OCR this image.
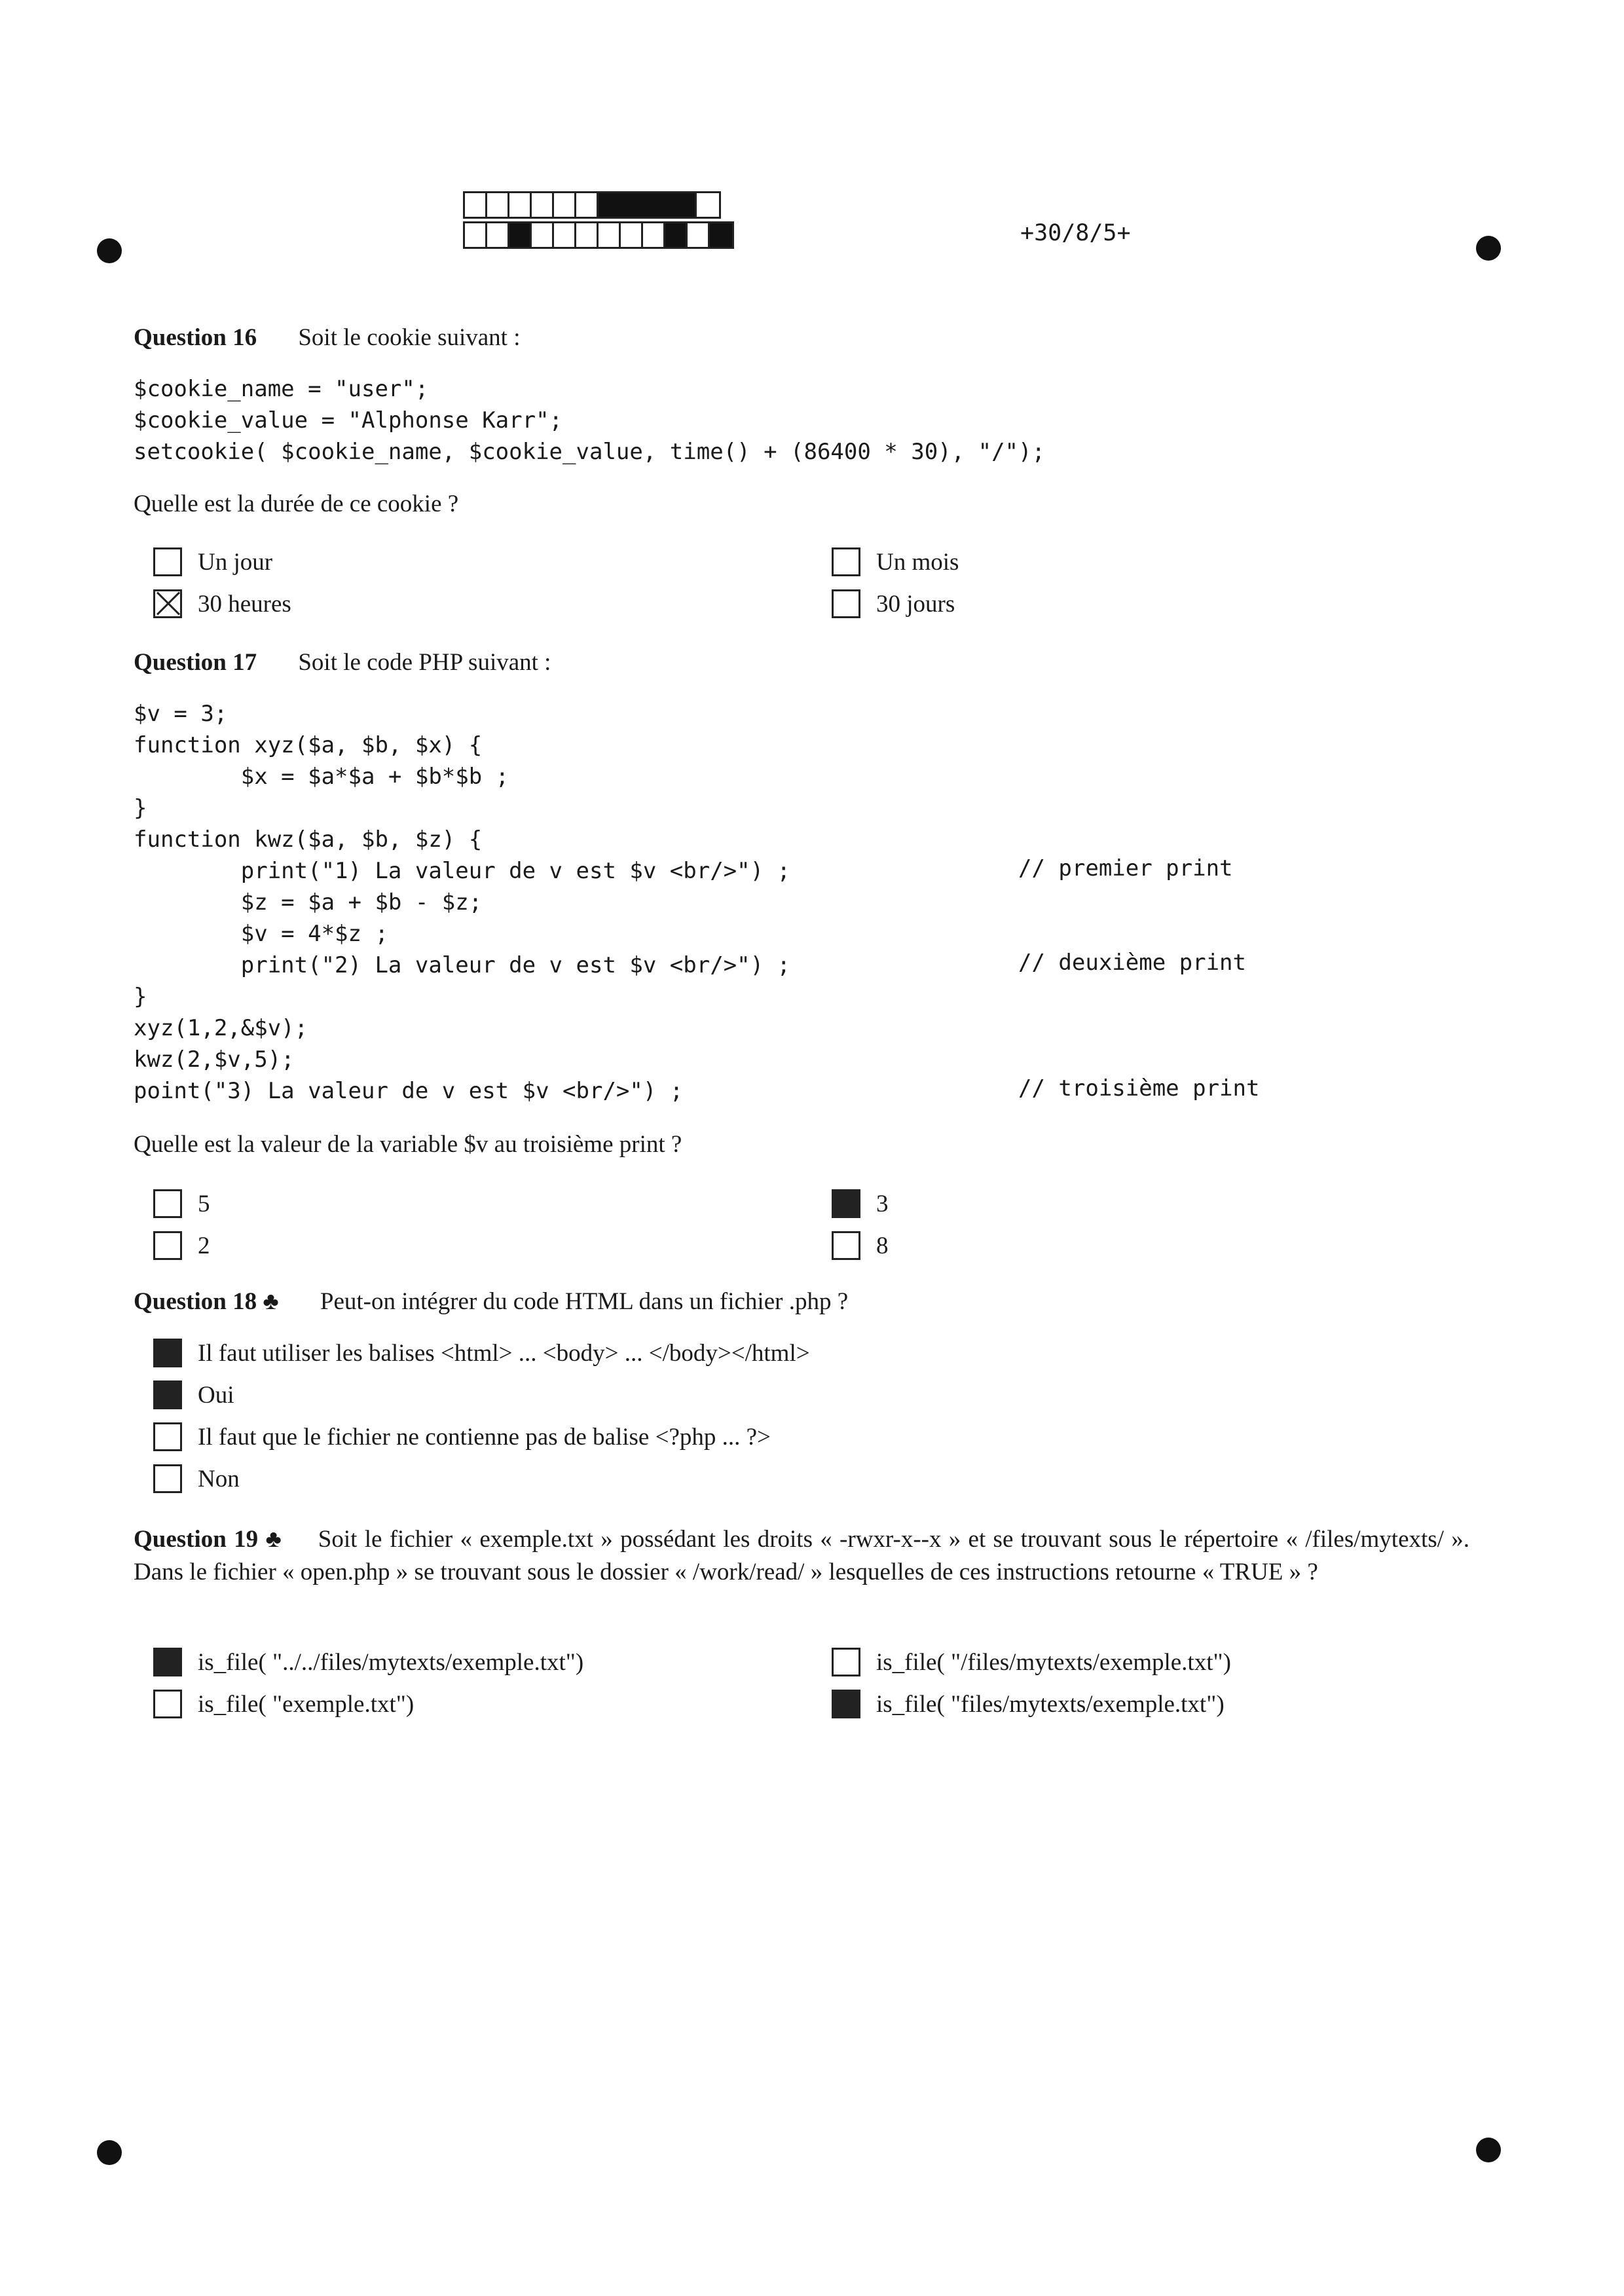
+30/8/5+
Question 16 Soit le cookie suivant :
$cookie_name = "user";
$cookie_value = "Alphonse Karr";
setcookie( $cookie_name, $cookie_value, time() + (86400 * 30), "/");
Quelle est la durée de ce cookie ?
Un jour	Un mois
30 heures	30 jours
Question 17 Soit le code PHP suivant :
$v = 3;
function xyz($a, $b, $x) {
$x = $a*$a + $b*$b ;
}
function kwz($a, $b, $z) {
print("1) La valeur de v est $v <br/>") ;
$z = $a + $b - $z;
$v = 4*$z ;
print("2) La valeur de v est $v <br/>") ;
}
xyz(1,2,&$v);
kwz(2,$v,5);
point("3) La valeur de v est $v <br/>") ;
// premier print
// deuxième print
// troisième print
Quelle est la valeur de la variable $v au troisième print ?
5	3
2	8
Question 18 ♣ Peut-on intégrer du code HTML dans un fichier .php ?
Il faut utiliser les balises <html> ... <body> ... </body></html>
Oui
Il faut que le fichier ne contienne pas de balise <?php ... ?>
Non
Question 19 ♣ Soit le fichier « exemple.txt » possédant les droits « -rwxr-x--x » et se trouvant sous le répertoire « /files/mytexts/ ». Dans le fichier « open.php » se trouvant sous le dossier « /work/read/ » lesquelles de ces instructions retourne « TRUE » ?
is_file( "../../files/mytexts/exemple.txt")	is_file( "/files/mytexts/exemple.txt")
is_file( "exemple.txt")	is_file( "files/mytexts/exemple.txt")
